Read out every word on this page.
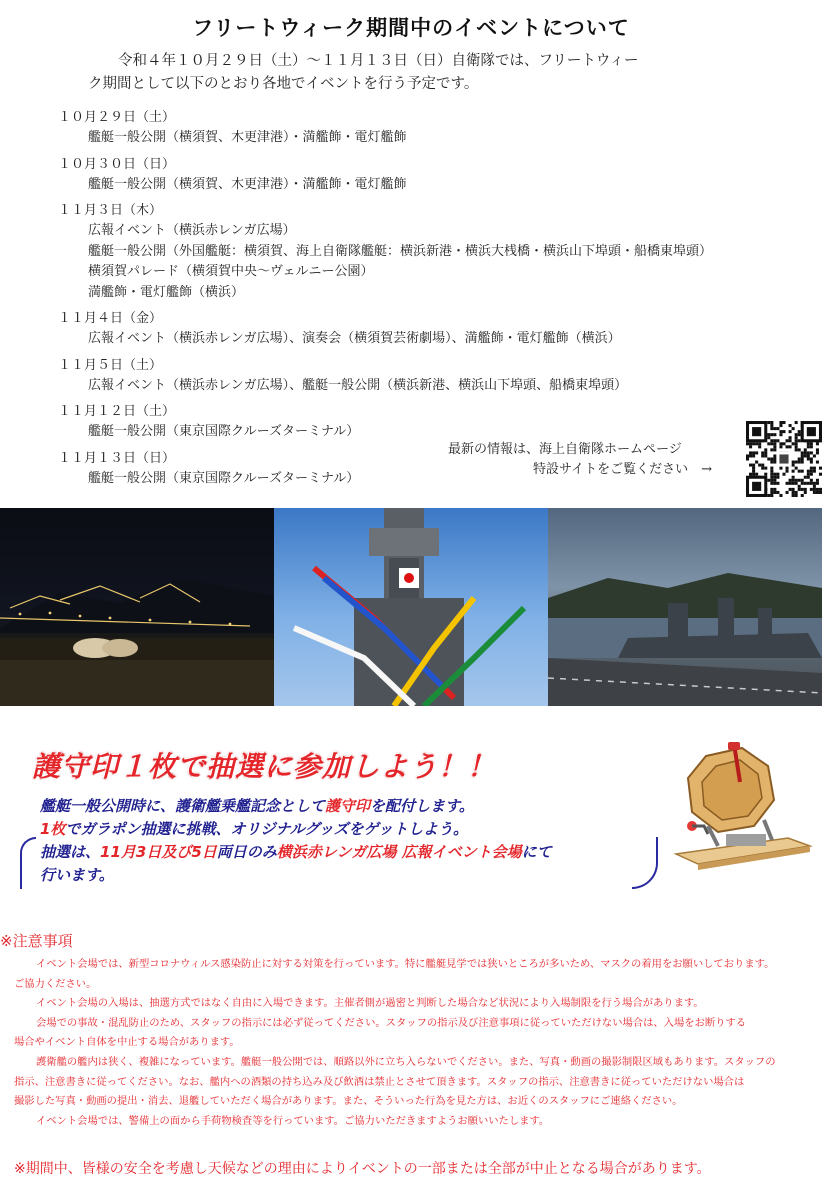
フリートウィーク期間中のイベントについて
令和４年１０月２９日（土）～１１月１３日（日）自衛隊では、フリートウィー
ク期間として以下のとおり各地でイベントを行う予定です。
１０月２９日（土）
艦艇一般公開（横須賀、木更津港）・満艦飾・電灯艦飾
１０月３０日（日）
艦艇一般公開（横須賀、木更津港）・満艦飾・電灯艦飾
１１月３日（木）
広報イベント（横浜赤レンガ広場）
艦艇一般公開（外国艦艇：横須賀、海上自衛隊艦艇：横浜新港・横浜大桟橋・横浜山下埠頭・船橋東埠頭）
横須賀パレード（横須賀中央～ヴェルニー公園）
満艦飾・電灯艦飾（横浜）
１１月４日（金）
広報イベント（横浜赤レンガ広場）、演奏会（横須賀芸術劇場）、満艦飾・電灯艦飾（横浜）
１１月５日（土）
広報イベント（横浜赤レンガ広場）、艦艇一般公開（横浜新港、横浜山下埠頭、船橋東埠頭）
１１月１２日（土）
艦艇一般公開（東京国際クルーズターミナル）
１１月１３日（日）
艦艇一般公開（東京国際クルーズターミナル）
最新の情報は、海上自衛隊ホームページ
特設サイトをご覧ください　→
護守印１枚で抽選に参加しよう！！
艦艇一般公開時に、護衛艦乗艦記念として護守印を配付します。
1枚でガラポン抽選に挑戦、オリジナルグッズをゲットしよう。
抽選は、11月3日及び5日両日のみ横浜赤レンガ広場 広報イベント会場にて
行います。
※注意事項

イベント会場では、新型コロナウィルス感染防止に対する対策を行っています。特に艦艇見学では狭いところが多いため、マスクの着用をお願いしております。

ご協力ください。

イベント会場の入場は、抽選方式ではなく自由に入場できます。主催者側が過密と判断した場合など状況により入場制限を行う場合があります。

会場での事故・混乱防止のため、スタッフの指示には必ず従ってください。スタッフの指示及び注意事項に従っていただけない場合は、入場をお断りする

場合やイベント自体を中止する場合があります。

護衛艦の艦内は狭く、複雑になっています。艦艇一般公開では、順路以外に立ち入らないでください。また、写真・動画の撮影制限区域もあります。スタッフの

指示、注意書きに従ってください。なお、艦内への酒類の持ち込み及び飲酒は禁止とさせて頂きます。スタッフの指示、注意書きに従っていただけない場合は

撮影した写真・動画の提出・消去、退艦していただく場合があります。また、そういった行為を見た方は、お近くのスタッフにご連絡ください。

イベント会場では、警備上の面から手荷物検査等を行っています。ご協力いただきますようお願いいたします。

※期間中、皆様の安全を考慮し天候などの理由によりイベントの一部または全部が中止となる場合があります。
